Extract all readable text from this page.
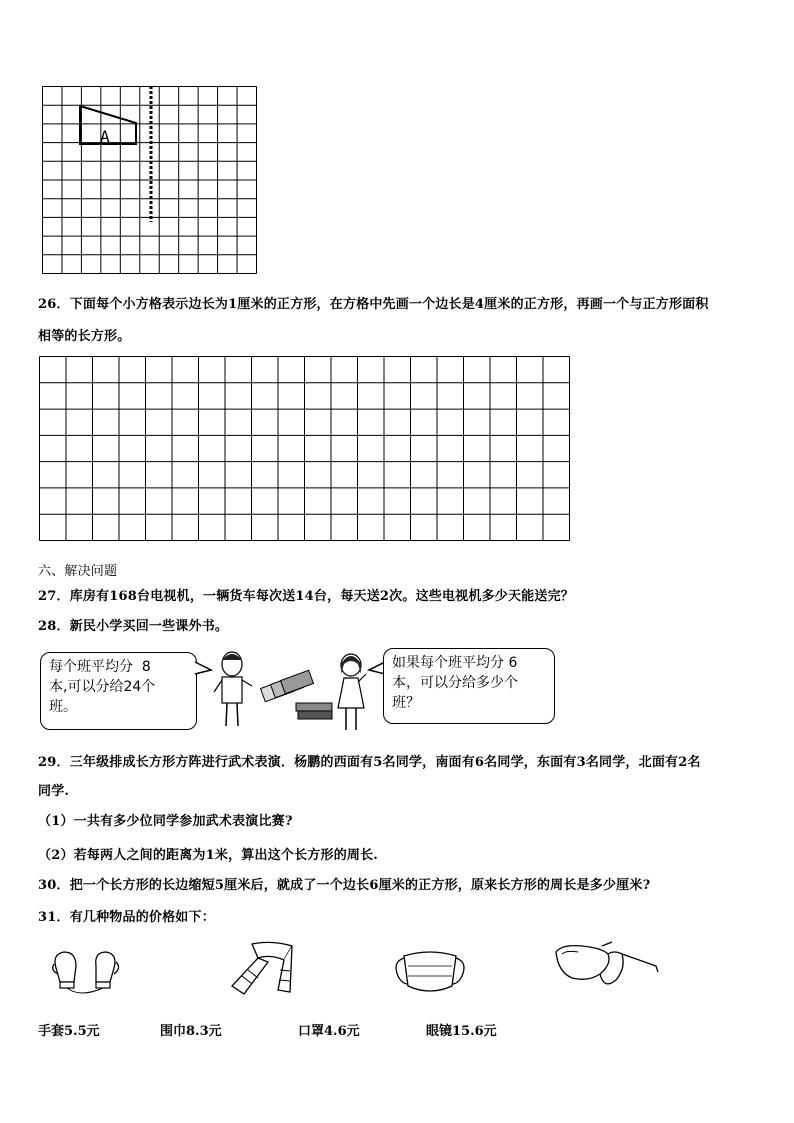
A
26．下面每个小方格表示边长为1厘米的正方形，在方格中先画一个边长是4厘米的正方形，再画一个与正方形面积
相等的长方形。
六、解决问题
27．库房有168台电视机，一辆货车每次送14台，每天送2次。这些电视机多少天能送完？
28．新民小学买回一些课外书。
每个班平均分  8
本,可以分给24个
班。
如果每个班平均分 6
本，可以分给多少个
班？
29．三年级排成长方形方阵进行武术表演．杨鹏的西面有5名同学，南面有6名同学，东面有3名同学，北面有2名
同学.
（1）一共有多少位同学参加武术表演比赛?
（2）若每两人之间的距离为1米，算出这个长方形的周长.
30．把一个长方形的长边缩短5厘米后，就成了一个边长6厘米的正方形，原来长方形的周长是多少厘米?
31．有几种物品的价格如下：
手套5.5元	围巾8.3元	口罩4.6元	眼镜15.6元
